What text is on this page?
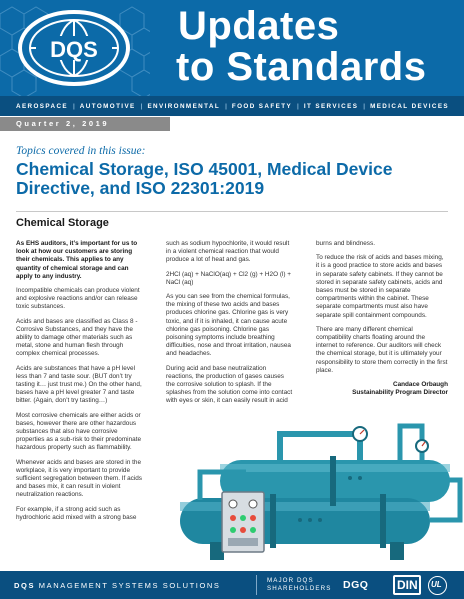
DQS
Updates
to Standards
AEROSPACE | AUTOMOTIVE | ENVIRONMENTAL | FOOD SAFETY | IT SERVICES | MEDICAL DEVICES
Quarter 2, 2019
Topics covered in this issue:
Chemical Storage, ISO 45001, Medical Device Directive, and ISO 22301:2019
Chemical Storage

As EHS auditors, it’s important for us to look at how our customers are storing their chemicals. This applies to any quantity of chemical storage and can apply to any industry.

Incompatible chemicals can produce violent and explosive reactions and/or can release toxic substances.

Acids and bases are classified as Class 8 - Corrosive Substances, and they have the ability to damage other materials such as metal, stone and human flesh through complex chemical processes.

Acids are substances that have a pH level less than 7 and taste sour. (BUT don’t try tasting it… just trust me.) On the other hand, bases have a pH level greater 7 and taste bitter. (Again, don’t try tasting…)

Most corrosive chemicals are either acids or bases, however there are other hazardous substances that also have corrosive properties as a sub-risk to their predominate hazardous property such as flammability.

Whenever acids and bases are stored in the workplace, it is very important to provide sufficient segregation between them. If acids and bases mix, it can result in violent neutralization reactions.

For example, if a strong acid such as hydrochloric acid mixed with a strong base

such as sodium hypochlorite, it would result in a violent chemical reaction that would produce a lot of heat and gas.

2HCl (aq) + NaClO(aq) + Cl2 (g) + H2O (l) + NaCl (aq)

As you can see from the chemical formulas, the mixing of these two acids and bases produces chlorine gas. Chlorine gas is very toxic, and if it is inhaled, it can cause acute chlorine gas poisoning. Chlorine gas poisoning symptoms include breathing difficulties, nose and throat irritation, nausea and headaches.

During acid and base neutralization reactions, the production of gases causes the corrosive solution to splash. If the splashes from the solution come into contact with eyes or skin, it can easily result in acid

burns and blindness.

To reduce the risk of acids and bases mixing, it is a good practice to store acids and bases in separate safety cabinets. If they cannot be stored in separate safety cabinets, acids and bases must be stored in separate compartments within the cabinet. These separate compartments must also have separate spill containment compounds.

There are many different chemical compatibility charts floating around the internet to reference. Our auditors will check the chemical storage, but it is ultimately your responsibility to store them correctly in the first place.

Candace Orbaugh

Sustainability Program Director

DQS MANAGEMENT SYSTEMS SOLUTIONS
MAJOR DQS SHAREHOLDERS	DGQ DIN UL
